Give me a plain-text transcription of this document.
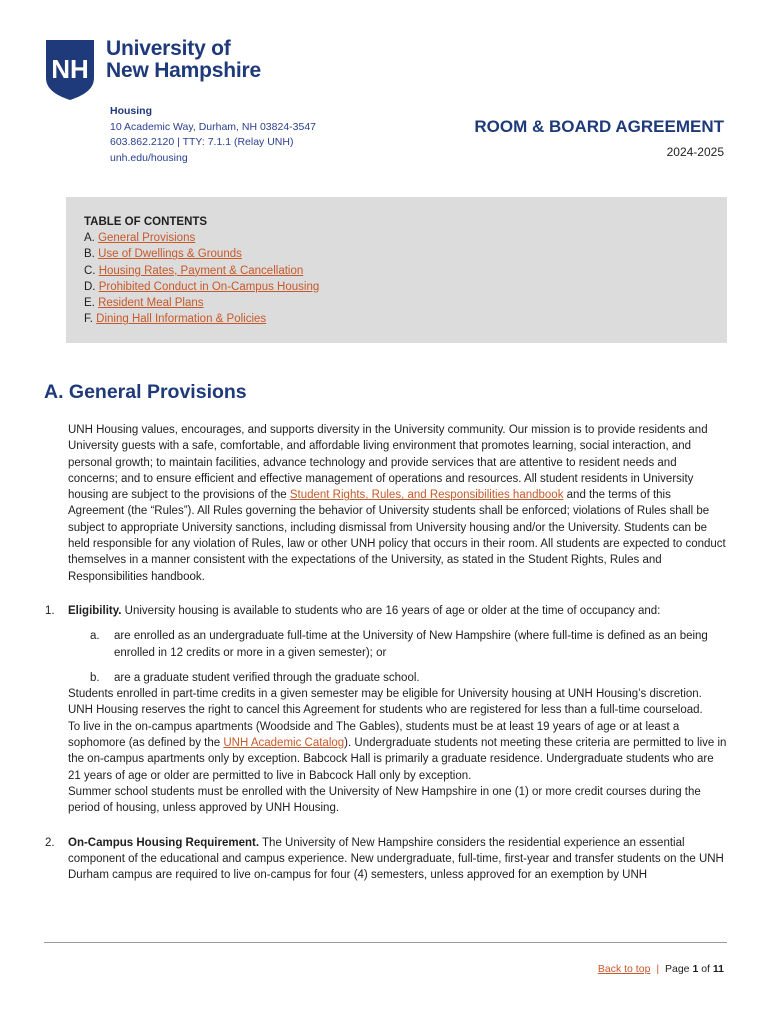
NH
University of
New Hampshire
Housing
10 Academic Way, Durham, NH 03824-3547
603.862.2120 | TTY: 7.1.1 (Relay UNH)
unh.edu/housing
ROOM & BOARD AGREEMENT
2024-2025
TABLE OF CONTENTS
A. General Provisions
B. Use of Dwellings & Grounds
C. Housing Rates, Payment & Cancellation
D. Prohibited Conduct in On-Campus Housing
E. Resident Meal Plans
F. Dining Hall Information & Policies
A. General Provisions

UNH Housing values, encourages, and supports diversity in the University community. Our mission is to provide residents and University guests with a safe, comfortable, and affordable living environment that promotes learning, social interaction, and personal growth; to maintain facilities, advance technology and provide services that are attentive to resident needs and concerns; and to ensure efficient and effective management of operations and resources. All student residents in University housing are subject to the provisions of the Student Rights, Rules, and Responsibilities handbook and the terms of this Agreement (the “Rules”). All Rules governing the behavior of University students shall be enforced; violations of Rules shall be subject to appropriate University sanctions, including dismissal from University housing and/or the University. Students can be held responsible for any violation of Rules, law or other UNH policy that occurs in their room. All students are expected to conduct themselves in a manner consistent with the expectations of the University, as stated in the Student Rights, Rules and Responsibilities handbook.

1. Eligibility. University housing is available to students who are 16 years of age or older at the time of occupancy and:
a. are enrolled as an undergraduate full-time at the University of New Hampshire (where full-time is defined as an being enrolled in 12 credits or more in a given semester); or
b. are a graduate student verified through the graduate school.

Students enrolled in part-time credits in a given semester may be eligible for University housing at UNH Housing’s discretion. UNH Housing reserves the right to cancel this Agreement for students who are registered for less than a full-time courseload.

To live in the on-campus apartments (Woodside and The Gables), students must be at least 19 years of age or at least a sophomore (as defined by the UNH Academic Catalog). Undergraduate students not meeting these criteria are permitted to live in the on-campus apartments only by exception. Babcock Hall is primarily a graduate residence. Undergraduate students who are 21 years of age or older are permitted to live in Babcock Hall only by exception.

Summer school students must be enrolled with the University of New Hampshire in one (1) or more credit courses during the period of housing, unless approved by UNH Housing.

2. On-Campus Housing Requirement. The University of New Hampshire considers the residential experience an essential component of the educational and campus experience. New undergraduate, full-time, first-year and transfer students on the UNH Durham campus are required to live on-campus for four (4) semesters, unless approved for an exemption by UNH
Back to top | Page 1 of 11
